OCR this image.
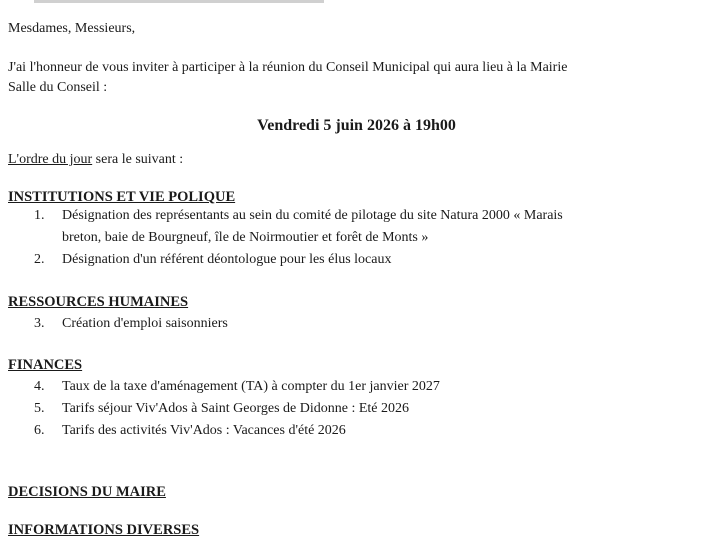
Mesdames, Messieurs,
J'ai l'honneur de vous inviter à participer à la réunion du Conseil Municipal qui aura lieu à la Mairie
Salle du Conseil :
Vendredi 5 juin 2026 à 19h00
L'ordre du jour sera le suivant :
INSTITUTIONS ET VIE POLIQUE
1. Désignation des représentants au sein du comité de pilotage du site Natura 2000 « Marais
breton, baie de Bourgneuf, île de Noirmoutier et forêt de Monts »
2. Désignation d'un référent déontologue pour les élus locaux
RESSOURCES HUMAINES
3. Création d'emploi saisonniers
FINANCES
4. Taux de la taxe d'aménagement (TA) à compter du 1er janvier 2027
5. Tarifs séjour Viv'Ados à Saint Georges de Didonne : Eté 2026
6. Tarifs des activités Viv'Ados : Vacances d'été 2026
DECISIONS DU MAIRE
INFORMATIONS DIVERSES
